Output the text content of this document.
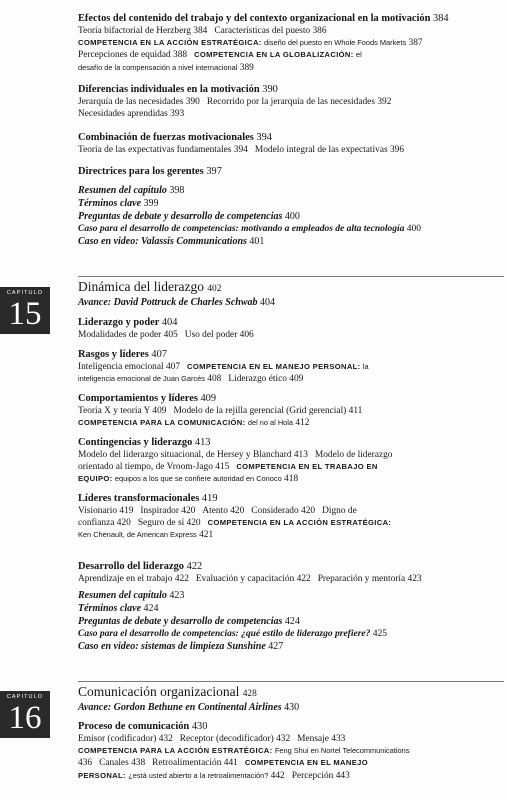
Efectos del contenido del trabajo y del contexto organizacional en la motivación 384
Teoría bifactorial de Herzberg 384 Características del puesto 386
COMPETENCIA EN LA ACCIÓN ESTRATÉGICA: diseño del puesto en Whole Foods Markets 387
Percepciones de equidad 388 COMPETENCIA EN LA GLOBALIZACIÓN: el
desafío de la compensación a nivel internacional 389
Diferencias individuales en la motivación 390
Jerarquía de las necesidades 390 Recorrido por la jerarquía de las necesidades 392
Necesidades aprendidas 393
Combinación de fuerzas motivacionales 394
Teoría de las expectativas fundamentales 394 Modelo integral de las expectativas 396
Directrices para los gerentes 397
Resumen del capítulo 398
Términos clave 399
Preguntas de debate y desarrollo de competencias 400
Caso para el desarrollo de competencias: motivando a empleados de alta tecnología 400
Caso en video: Valassis Communications 401
CAPITULO
15
Dinámica del liderazgo 402
Avance: David Pottruck de Charles Schwab 404
Liderazgo y poder 404
Modalidades de poder 405 Uso del poder 406
Rasgos y líderes 407
Inteligencia emocional 407 COMPETENCIA EN EL MANEJO PERSONAL: la
inteligencia emocional de Juan Garcés 408 Liderazgo ético 409
Comportamientos y líderes 409
Teoría X y teoría Y 409 Modelo de la rejilla gerencial (Grid gerencial) 411
COMPETENCIA PARA LA COMUNICACIÓN: del no al Hola 412
Contingencias y liderazgo 413
Modelo del liderazgo situacional, de Hersey y Blanchard 413 Modelo de liderazgo
orientado al tiempo, de Vroom-Jago 415 COMPETENCIA EN EL TRABAJO EN
EQUIPO: equipos a los que se confiere autoridad en Conoco 418
Líderes transformacionales 419
Visionario 419 Inspirador 420 Atento 420 Considerado 420 Digno de
confianza 420 Seguro de sí 420 COMPETENCIA EN LA ACCIÓN ESTRATÉGICA:
Ken Chenault, de American Express 421
Desarrollo del liderazgo 422
Aprendizaje en el trabajo 422 Evaluación y capacitación 422 Preparación y mentoría 423
Resumen del capítulo 423
Términos clave 424
Preguntas de debate y desarrollo de competencias 424
Caso para el desarrollo de competencias: ¿qué estilo de liderazgo prefiere? 425
Caso en video: sistemas de limpieza Sunshine 427
CAPITULO
16
Comunicación organizacional 428
Avance: Gordon Bethune en Continental Airlines 430
Proceso de comunicación 430
Emisor (codificador) 432 Receptor (decodificador) 432 Mensaje 433
COMPETENCIA PARA LA ACCIÓN ESTRATÉGICA: Feng Shui en Nortel Telecommunications
436 Canales 438 Retroalimentación 441 COMPETENCIA EN EL MANEJO
PERSONAL: ¿está usted abierto a la retroalimentación? 442 Percepción 443
